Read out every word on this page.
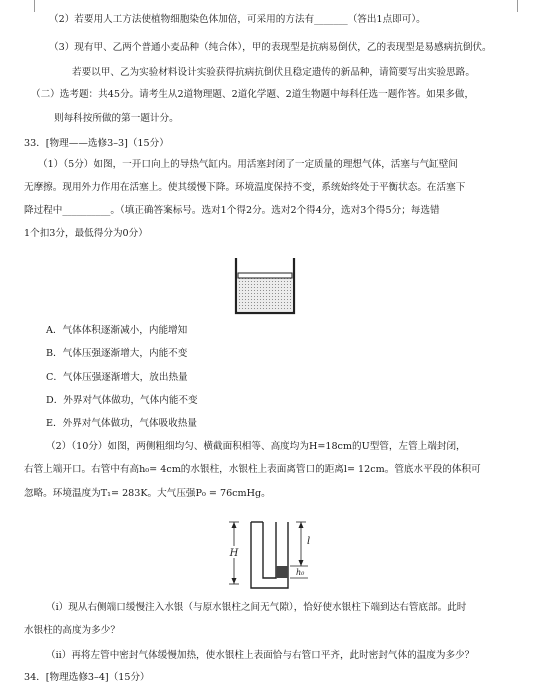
（2）若要用人工方法使植物细胞染色体加倍，可采用的方法有_______（答出1点即可）。
（3）现有甲、乙两个普通小麦品种（纯合体），甲的表现型是抗病易倒伏，乙的表现型是易感病抗倒伏。
若要以甲、乙为实验材料设计实验获得抗病抗倒伏且稳定遗传的新品种，请简要写出实验思路。
（二）选考题：共45分。请考生从2道物理题、2道化学题、2道生物题中每科任选一题作答。如果多做，
则每科按所做的第一题计分。
33．[物理——选修3–3]（15分）
（1）（5分）如图，一开口向上的导热气缸内。用活塞封闭了一定质量的理想气体，活塞与气缸壁间
无摩擦。现用外力作用在活塞上。使其缓慢下降。环境温度保持不变，系统始终处于平衡状态。在活塞下
降过程中__________。（填正确答案标号。选对1个得2分。选对2个得4分，选对3个得5分；每选错
1个扣3分，最低得分为0分）
A．气体体积逐渐减小，内能增知
B．气体压强逐渐增大，内能不变
C．气体压强逐渐增大，放出热量
D．外界对气体做功，气体内能不变
E．外界对气体做功，气体吸收热量
（2）（10分）如图，两侧粗细均匀、横截面积相等、高度均为H=18cm的U型管，左管上端封闭，
右管上端开口。右管中有高h₀= 4cm的水银柱，水银柱上表面离管口的距离l= 12cm。管底水平段的体积可
忽略。环境温度为T₁= 283K。大气压强P₀ = 76cmHg。
H
l
h₀
（i）现从右侧端口缓慢注入水银（与原水银柱之间无气隙），恰好使水银柱下端到达右管底部。此时
水银柱的高度为多少？
（ii）再将左管中密封气体缓慢加热，使水银柱上表面恰与右管口平齐，此时密封气体的温度为多少？
34．[物理选修3–4]（15分）
